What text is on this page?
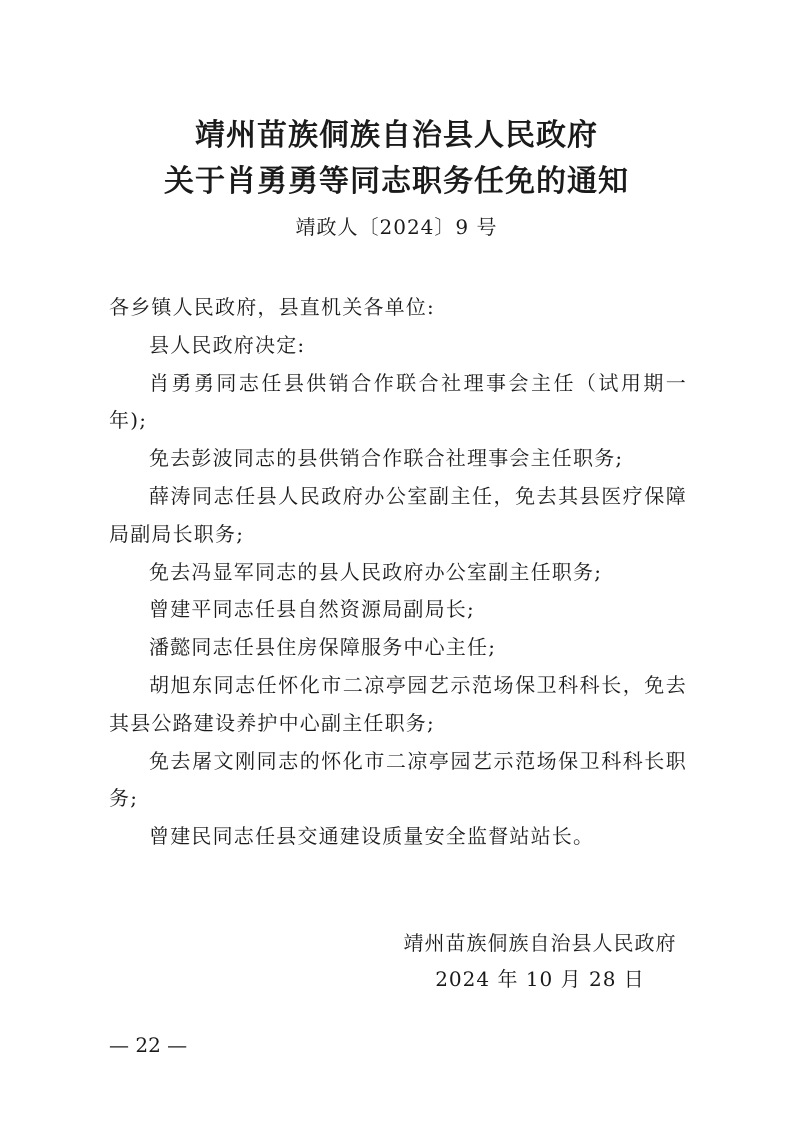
靖州苗族侗族自治县人民政府
关于肖勇勇等同志职务任免的通知
靖政人〔2024〕9 号

各乡镇人民政府，县直机关各单位:

县人民政府决定:

肖勇勇同志任县供销合作联合社理事会主任（试用期一年);

免去彭波同志的县供销合作联合社理事会主任职务;

薛涛同志任县人民政府办公室副主任，免去其县医疗保障局副局长职务;

免去冯显军同志的县人民政府办公室副主任职务;

曾建平同志任县自然资源局副局长;

潘懿同志任县住房保障服务中心主任;

胡旭东同志任怀化市二凉亭园艺示范场保卫科科长，免去其县公路建设养护中心副主任职务;

免去屠文刚同志的怀化市二凉亭园艺示范场保卫科科长职务;

曾建民同志任县交通建设质量安全监督站站长。

靖州苗族侗族自治县人民政府
2024 年 10 月 28 日
— 22 —
